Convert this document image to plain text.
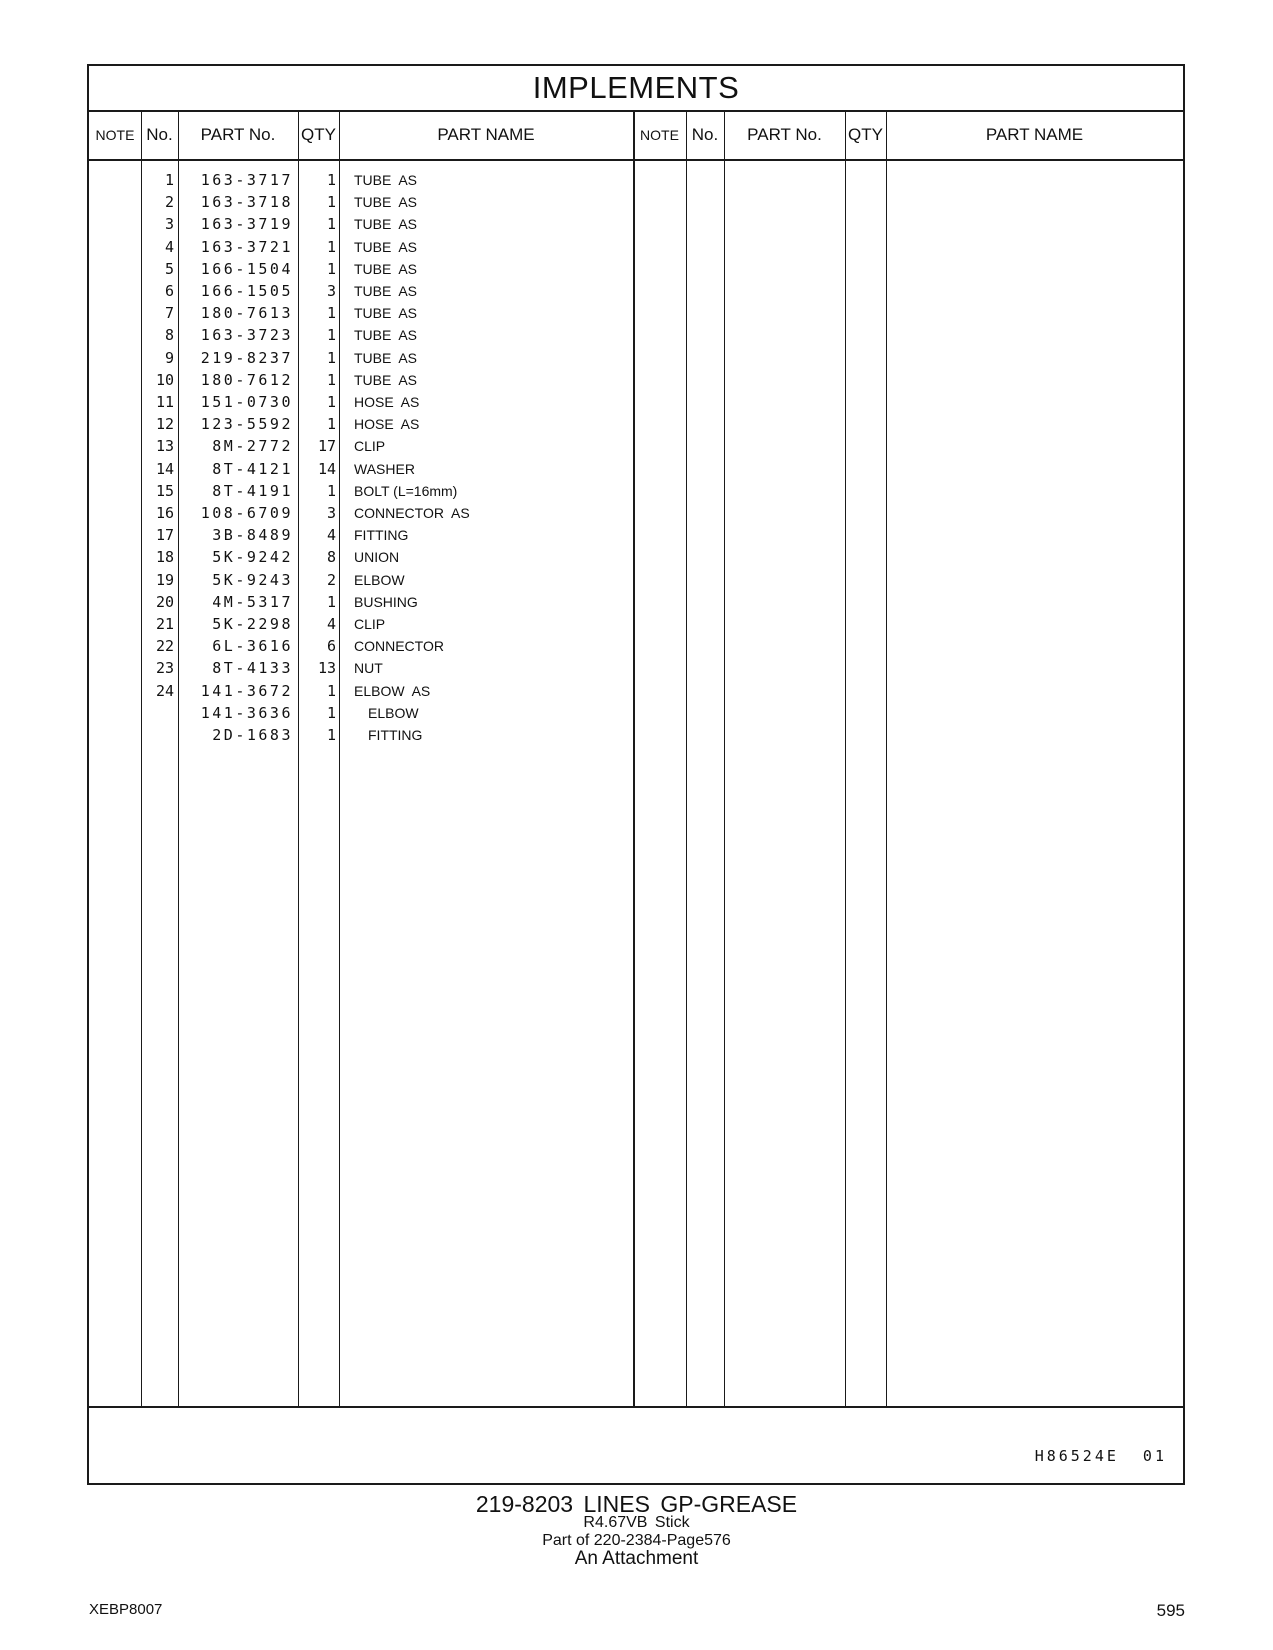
IMPLEMENTS
NOTE No.	PART No.	QTY	PART NAME	NOTE No.	PART No.	QTY	PART NAME
1	163-3717	1 TUBE  AS
2	163-3718	1 TUBE  AS
3	163-3719	1 TUBE  AS
4	163-3721	1 TUBE  AS
5	166-1504	1 TUBE  AS
6	166-1505	3 TUBE  AS
7	180-7613	1 TUBE  AS
8	163-3723	1 TUBE  AS
9	219-8237	1 TUBE  AS
10	180-7612	1 TUBE  AS
11	151-0730	1 HOSE  AS
12	123-5592	1 HOSE  AS
13	8M-2772	17 CLIP
14	8T-4121	14 WASHER
15	8T-4191	1 BOLT (L=16mm)
16	108-6709	3 CONNECTOR  AS
17	3B-8489	4 FITTING
18	5K-9242	8 UNION
19	5K-9243	2 ELBOW
20	4M-5317	1 BUSHING
21	5K-2298	4 CLIP
22	6L-3616	6 CONNECTOR
23	8T-4133	13 NUT
24	141-3672	1 ELBOW  AS
141-3636	1 ELBOW
2D-1683	1 FITTING
H86524E 01
219-8203 LINES GP-GREASE
R4.67VB Stick
Part of 220-2384-Page576
An Attachment
XEBP8007	595
